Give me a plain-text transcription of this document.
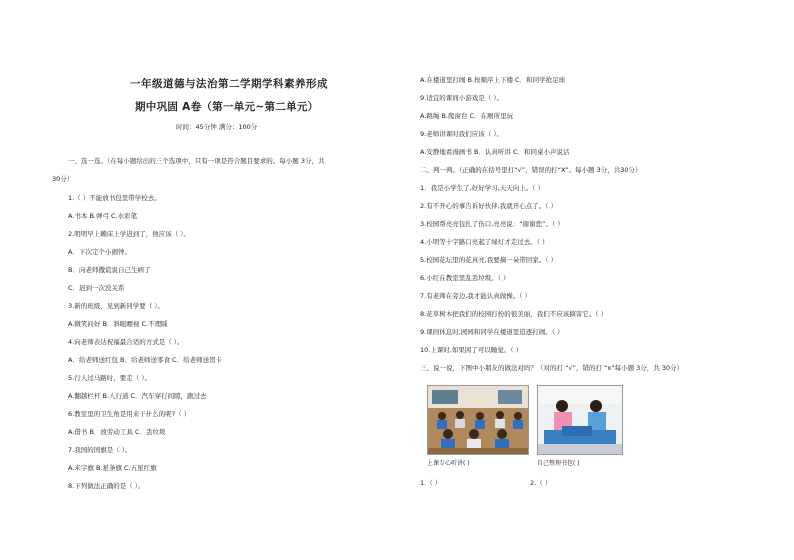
一年级道德与法治第二学期学科素养形成
期中巩固 A卷（第一单元~第二单元）
时间：45分钟 满分：100分
一、选一选。（在每小题给出的三个选项中，只有一项是符合题目要求的。每小题 3分，共
30分）
1.（ ）不能放书包里带学校去。
A.书本 B.弹弓 C.水彩笔
2.明明早上赖床上学迟到了，他应该（ ）。
A．下次定个小闹钟。
B．向老师撒谎说自己生病了
C．迟到一次没关系
3.新的班级，见到新同学要（ ）。
A.微笑问好 B．斜眼瞟视 C.不理睬
4.向老师表达祝福最合适的方式是（ ）。
A．给老师送红包 B．给老师送零食 C．给老师送贺卡
5.行人过马路时，要走（ ）。
A.翻越栏杆 B.人行道 C．汽车穿行间隙，跑过去
6.教室里的卫生角是用来干什么的呢?（ ）
A.借书 B．放劳动工具 C．丢垃圾
7.我国的国旗是（ ）。
A.米字旗 B.星条旗 C.五星红旗
8.下列做法正确的是（ ）。
A.在楼道里打闹 B.按顺序上下楼 C．和同学抢足球
9.适宜的课间小游戏是（ ）。
A.跳绳 B.爬窗台 C．在厕所里玩
9.老师讲课时我们应该（ ）。
A.安静地看漫画书 B．认真听讲 C．和同桌小声说话
二、判一判。（正确的在括号里打“√”，错误的打“X”。每小题 3分，共30分）
1．我是小学生了,好好学习,天天向上。（ ）
2.有不开心的事告诉好伙伴,我就开心点了。（ ）
3.校园帮亮亮包扎了伤口,亮亮说：“谢谢您”。（ ）
4.小明等十字路口亮起了绿灯才走过去。（ ）
5.校园花坛里的花真亮,我要摘一朵带回家。（ ）
6.小红在教室里乱丢垃圾。（ ）
7.有老师在旁边,我才能认真做操。（ ）
8.花草树木把我们的校园打扮的很美丽，我们不应该摘害它。（ ）
9.课间休息时,园园和同学在楼道里追逐打闹。（ ）
10.上课时,如果困了可以睡觉。（ ）
三、说一说，下图中小朋友的做法对吗？（对的打 “√”，错的打 “x”每小题 3分，共 30分）
上课专心听讲( )	自己整理书包( )
1.（ ）	2.（ ）
